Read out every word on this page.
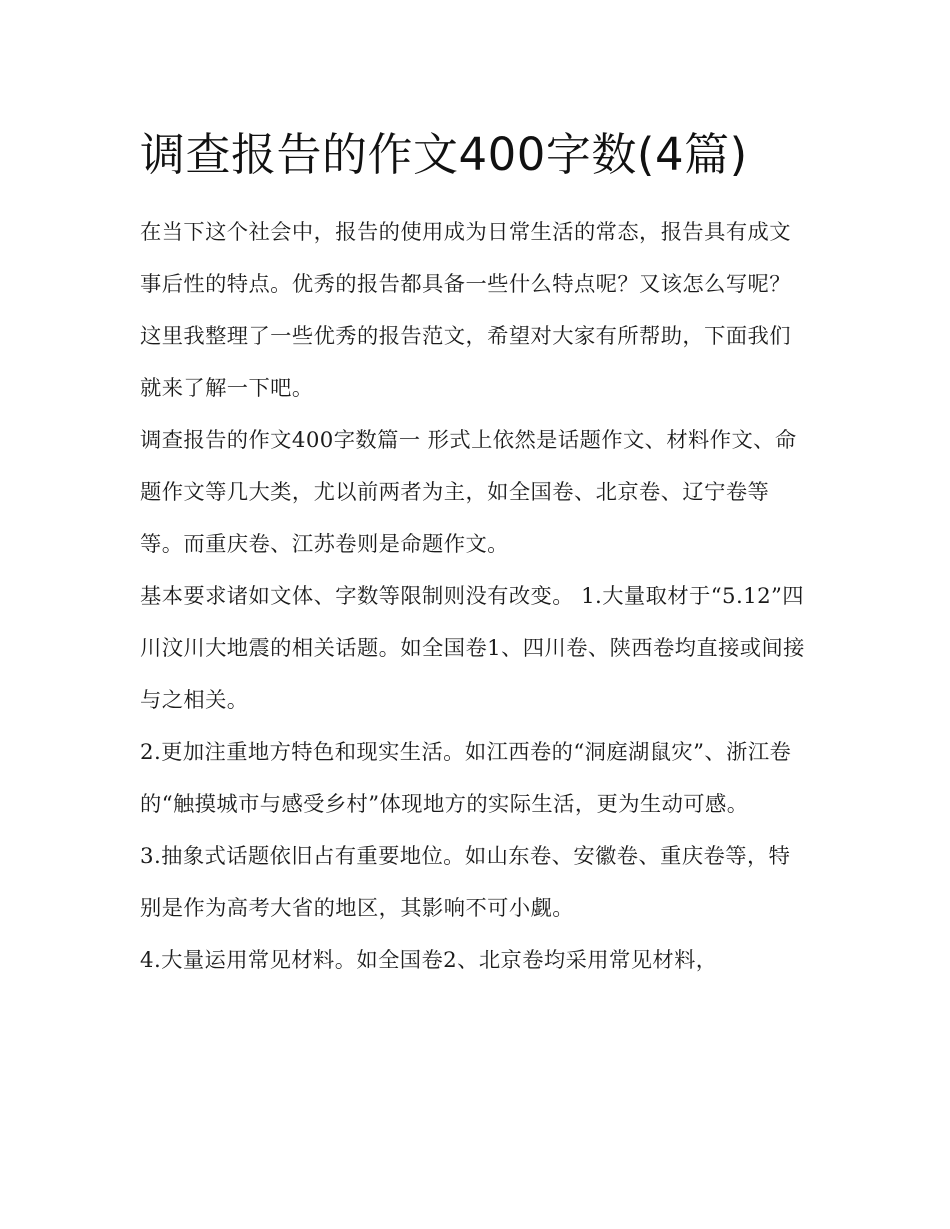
调查报告的作文400字数(4篇)

在当下这个社会中，报告的使用成为日常生活的常态，报告具有成文事后性的特点。优秀的报告都具备一些什么特点呢？又该怎么写呢？这里我整理了一些优秀的报告范文，希望对大家有所帮助，下面我们就来了解一下吧。

调查报告的作文400字数篇一 形式上依然是话题作文、材料作文、命题作文等几大类，尤以前两者为主，如全国卷、北京卷、辽宁卷等等。而重庆卷、江苏卷则是命题作文。

基本要求诸如文体、字数等限制则没有改变。 1.大量取材于“5.12”四川汶川大地震的相关话题。如全国卷1、四川卷、陕西卷均直接或间接与之相关。

2.更加注重地方特色和现实生活。如江西卷的“洞庭湖鼠灾”、浙江卷的“触摸城市与感受乡村”体现地方的实际生活，更为生动可感。

3.抽象式话题依旧占有重要地位。如山东卷、安徽卷、重庆卷等，特别是作为高考大省的地区，其影响不可小觑。

4.大量运用常见材料。如全国卷2、北京卷均采用常见材料，
